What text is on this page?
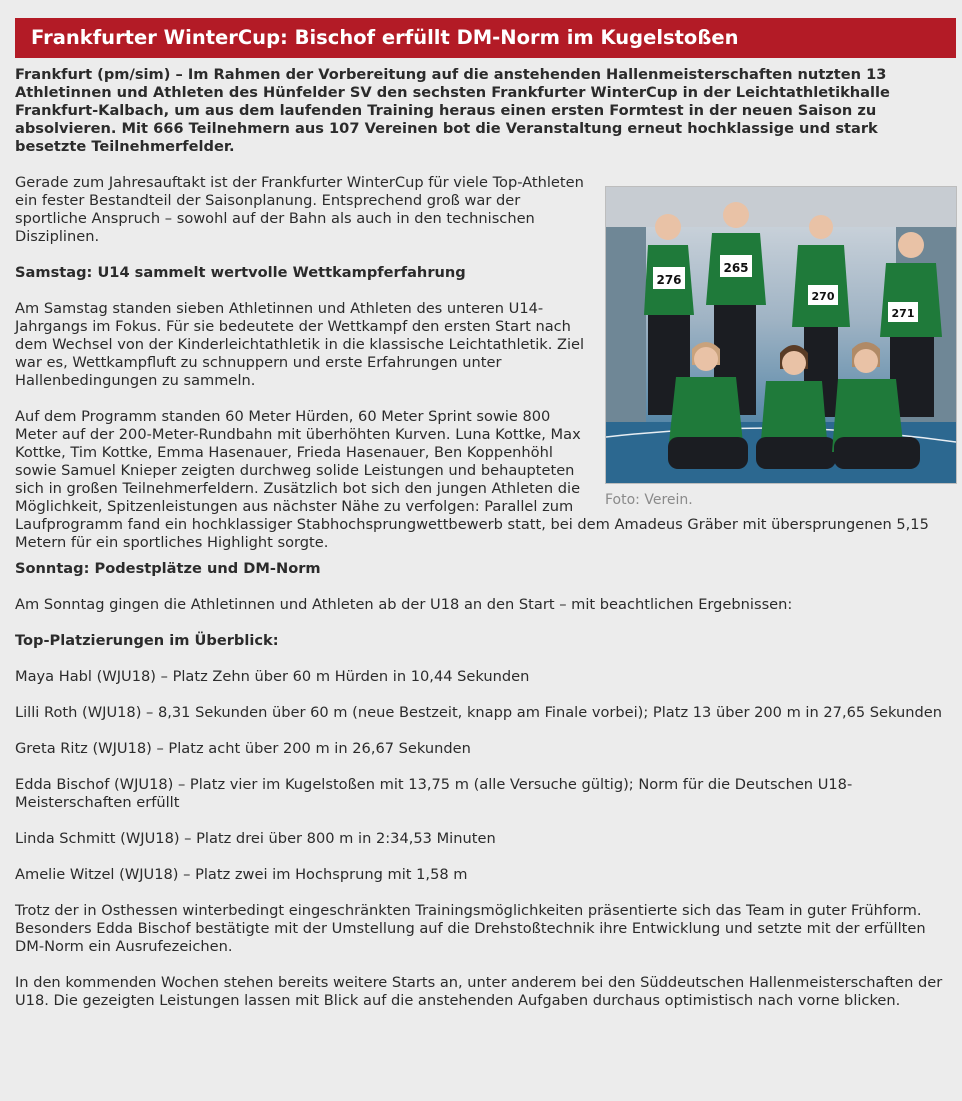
Frankfurter WinterCup: Bischof erfüllt DM-Norm im Kugelstoßen

Frankfurt (pm/sim) – Im Rahmen der Vorbereitung auf die anstehenden Hallenmeisterschaften nutzten 13 Athletinnen und Athleten des Hünfelder SV den sechsten Frankfurter WinterCup in der Leichtathletikhalle Frankfurt-Kalbach, um aus dem laufenden Training heraus einen ersten Formtest in der neuen Saison zu absolvieren. Mit 666 Teilnehmern aus 107 Vereinen bot die Veranstaltung erneut hochklassige und stark besetzte Teilnehmerfelder.

276
265
270
271
Foto: Verein.

Gerade zum Jahresauftakt ist der Frankfurter WinterCup für viele Top-Athleten ein fester Bestandteil der Saisonplanung. Entsprechend groß war der sportliche Anspruch – sowohl auf der Bahn als auch in den technischen Disziplinen.

Samstag: U14 sammelt wertvolle Wettkampferfahrung

Am Samstag standen sieben Athletinnen und Athleten des unteren U14-Jahrgangs im Fokus. Für sie bedeutete der Wettkampf den ersten Start nach dem Wechsel von der Kinderleichtathletik in die klassische Leichtathletik. Ziel war es, Wettkampfluft zu schnuppern und erste Erfahrungen unter Hallenbedingungen zu sammeln.

Auf dem Programm standen 60 Meter Hürden, 60 Meter Sprint sowie 800 Meter auf der 200-Meter-Rundbahn mit überhöhten Kurven. Luna Kottke, Max Kottke, Tim Kottke, Emma Hasenauer, Frieda Hasenauer, Ben Koppenhöhl sowie Samuel Knieper zeigten durchweg solide Leistungen und behaupteten sich in großen Teilnehmerfeldern. Zusätzlich bot sich den jungen Athleten die Möglichkeit, Spitzenleistungen aus nächster Nähe zu verfolgen: Parallel zum Laufprogramm fand ein hochklassiger Stabhochsprungwettbewerb statt, bei dem Amadeus Gräber mit übersprungenen 5,15 Metern für ein sportliches Highlight sorgte.

Sonntag: Podestplätze und DM-Norm

Am Sonntag gingen die Athletinnen und Athleten ab der U18 an den Start – mit beachtlichen Ergebnissen:

Top-Platzierungen im Überblick:

Maya Habl (WJU18) – Platz Zehn über 60 m Hürden in 10,44 Sekunden

Lilli Roth (WJU18) – 8,31 Sekunden über 60 m (neue Bestzeit, knapp am Finale vorbei); Platz 13 über 200 m in 27,65 Sekunden

Greta Ritz (WJU18) – Platz acht über 200 m in 26,67 Sekunden

Edda Bischof (WJU18) – Platz vier im Kugelstoßen mit 13,75 m (alle Versuche gültig); Norm für die Deutschen U18-Meisterschaften erfüllt

Linda Schmitt (WJU18) – Platz drei über 800 m in 2:34,53 Minuten

Amelie Witzel (WJU18) – Platz zwei im Hochsprung mit 1,58 m

Trotz der in Osthessen winterbedingt eingeschränkten Trainingsmöglichkeiten präsentierte sich das Team in guter Frühform. Besonders Edda Bischof bestätigte mit der Umstellung auf die Drehstoßtechnik ihre Entwicklung und setzte mit der erfüllten DM-Norm ein Ausrufezeichen.

In den kommenden Wochen stehen bereits weitere Starts an, unter anderem bei den Süddeutschen Hallenmeisterschaften der U18. Die gezeigten Leistungen lassen mit Blick auf die anstehenden Aufgaben durchaus optimistisch nach vorne blicken.
